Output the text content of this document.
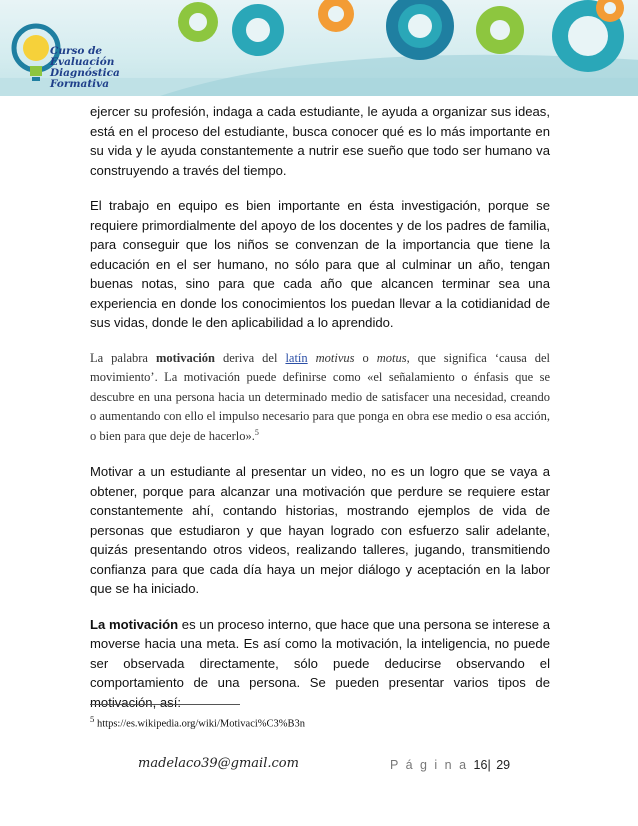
Curso de Evaluación
Diagnóstica Formativa

ejercer su profesión, indaga a cada estudiante, le ayuda a organizar sus ideas, está en el proceso del estudiante, busca conocer qué es lo más importante en su vida y le ayuda constantemente a nutrir ese sueño que todo ser humano va construyendo a través del tiempo.

El trabajo en equipo es bien importante en ésta investigación, porque se requiere primordialmente del apoyo de los docentes y de los padres de familia, para conseguir que los niños se convenzan de la importancia que tiene la educación en el ser humano, no sólo para que al culminar un año, tengan buenas notas, sino para que cada año que alcancen terminar sea una experiencia en donde los conocimientos los puedan llevar a la cotidianidad de sus vidas, donde le den aplicabilidad a lo aprendido.

La palabra motivación deriva del latín motivus o motus, que significa ‘causa del movimiento’. La motivación puede definirse como «el señalamiento o énfasis que se descubre en una persona hacia un determinado medio de satisfacer una necesidad, creando o aumentando con ello el impulso necesario para que ponga en obra ese medio o esa acción, o bien para que deje de hacerlo».$^5$

Motivar a un estudiante al presentar un video, no es un logro que se vaya a obtener, porque para alcanzar una motivación que perdure se requiere estar constantemente ahí, contando historias, mostrando ejemplos de vida de personas que estudiaron y que hayan logrado con esfuerzo salir adelante, quizás presentando otros videos, realizando talleres, jugando, transmitiendo confianza para que cada día haya un mejor diálogo y aceptación en la labor que se ha iniciado.

La motivación es un proceso interno, que hace que una persona se interese a moverse hacia una meta. Es así como la motivación, la inteligencia, no puede ser observada directamente, sólo puede deducirse observando el comportamiento de una persona. Se pueden presentar varios tipos de motivación, así:

$^5$ https://es.wikipedia.org/wiki/Motivaci%C3%B3n
madelaco39@gmail.com	P á g i n a 16| 29
